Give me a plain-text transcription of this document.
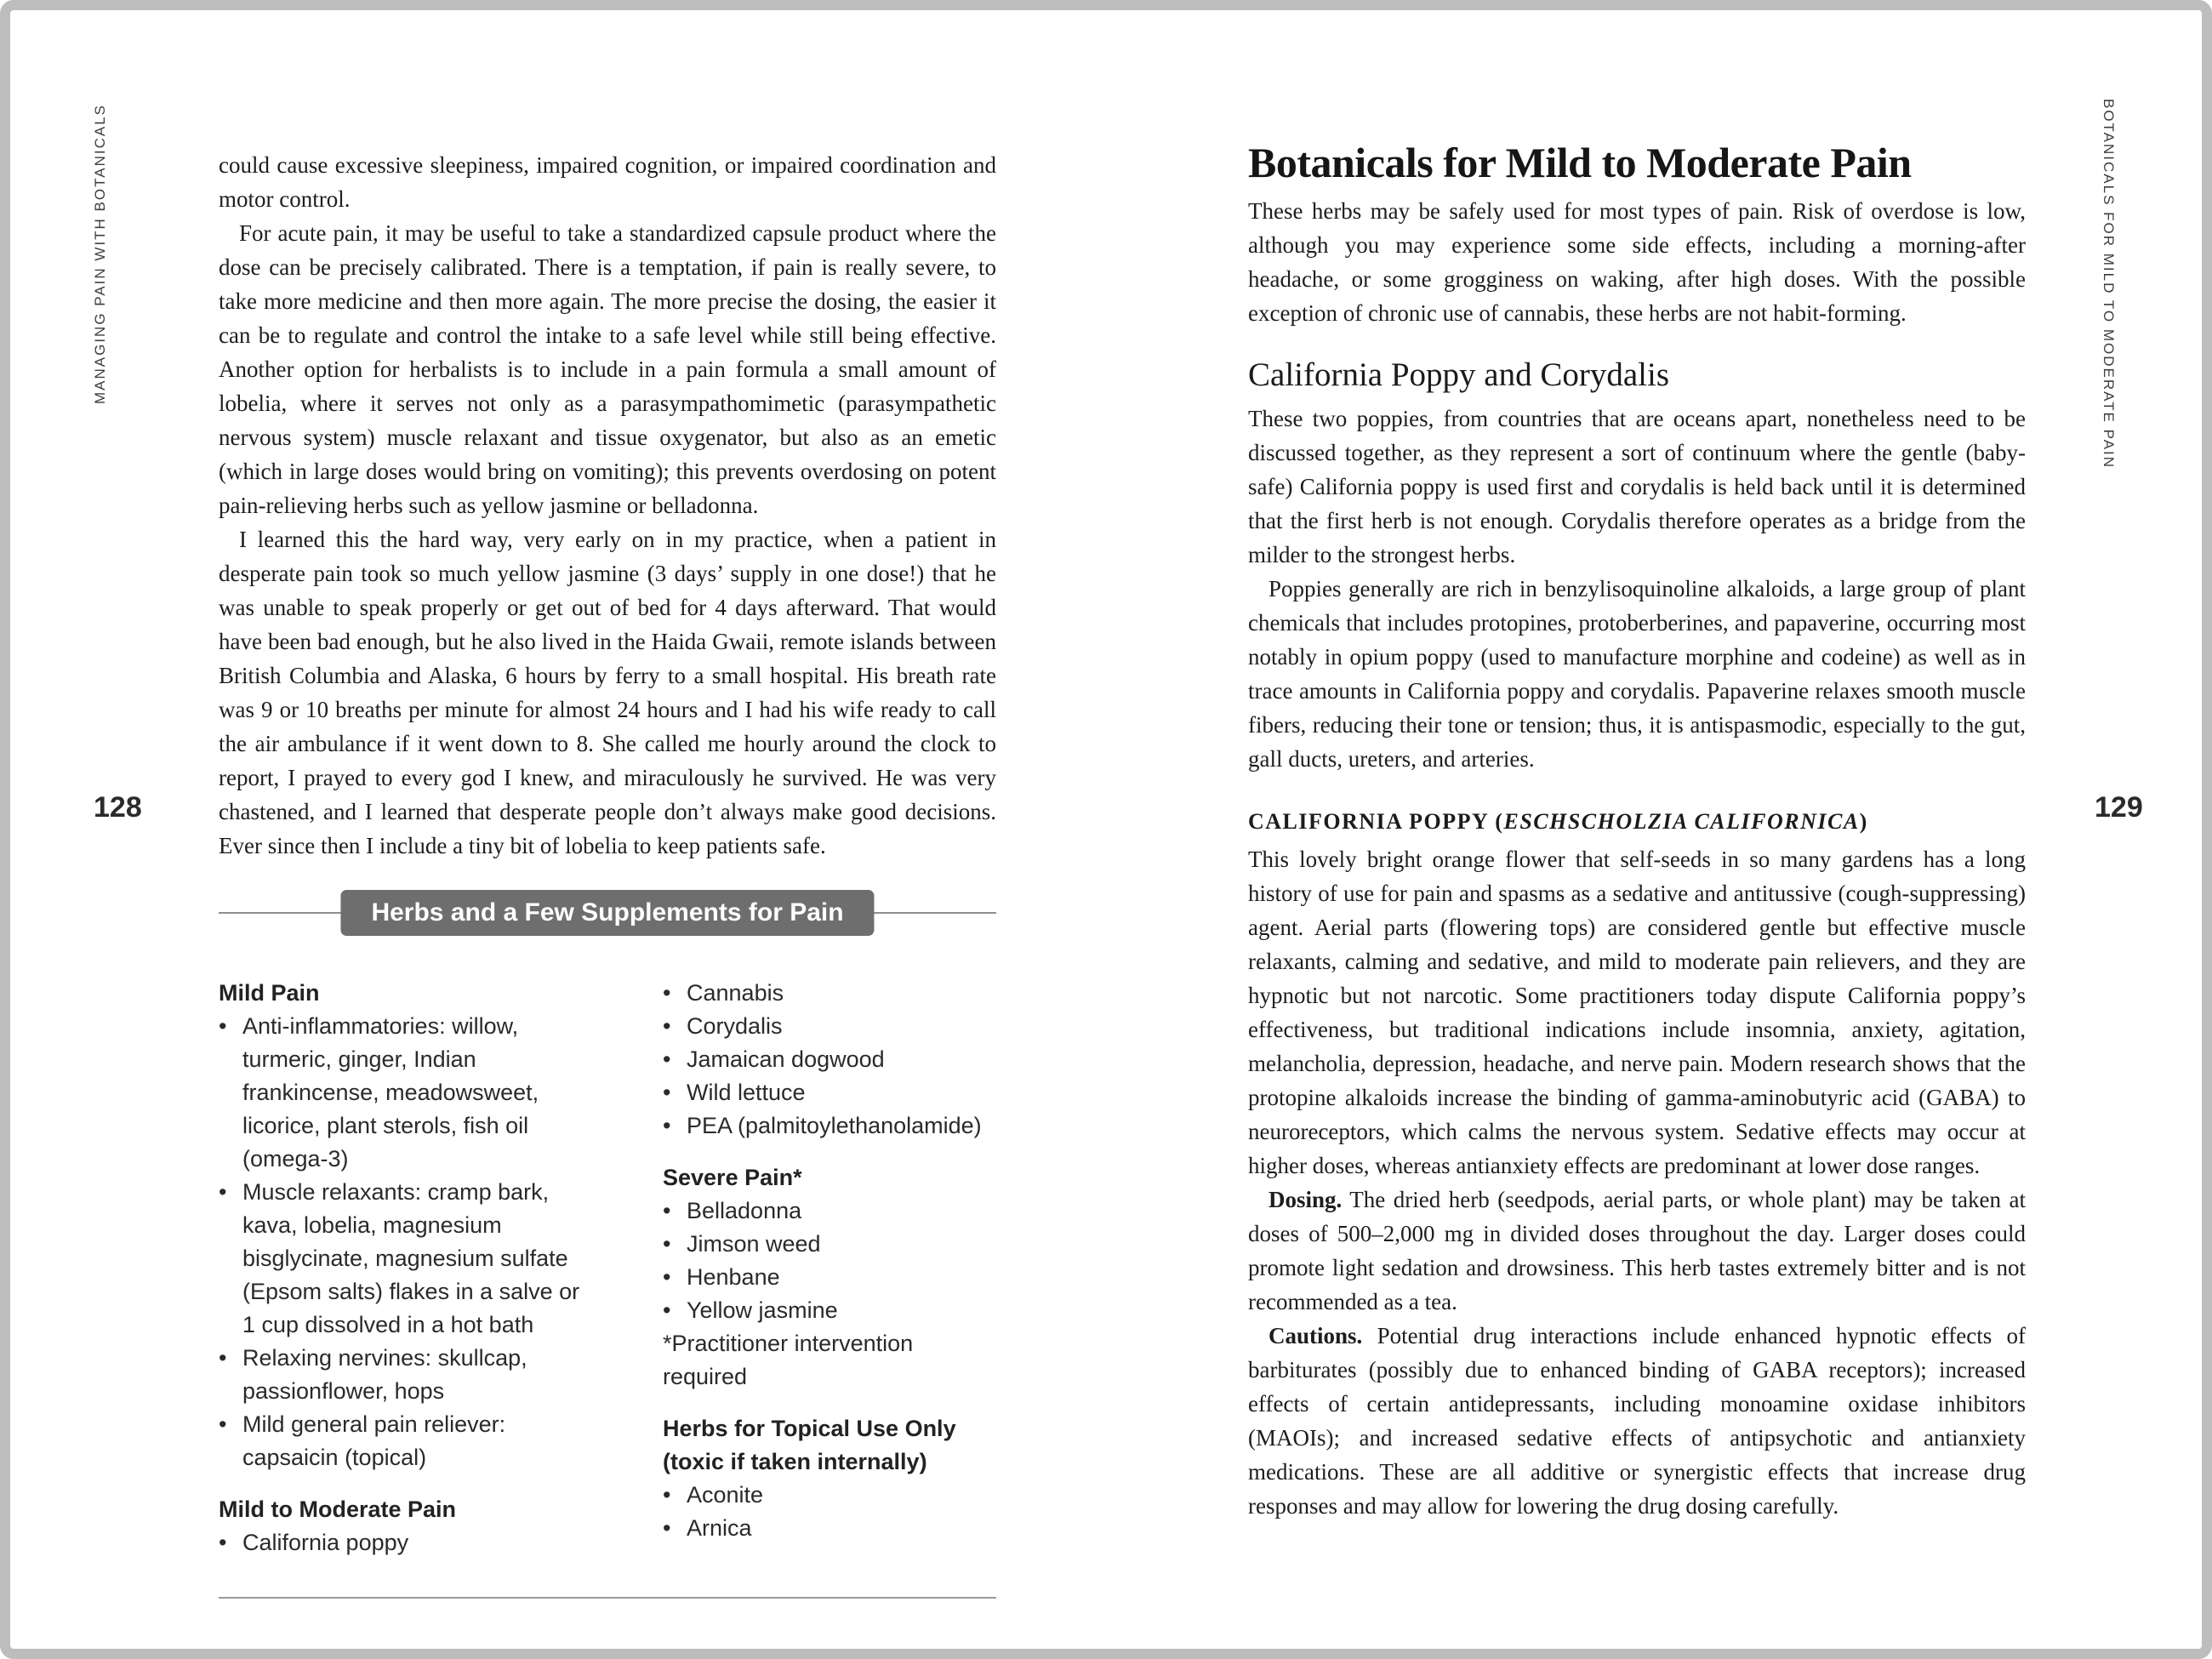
MANAGING PAIN WITH BOTANICALS	BOTANICALS FOR MILD TO MODERATE PAIN
128	129

could cause excessive sleepiness, impaired cognition, or impaired coordination and motor control.

For acute pain, it may be useful to take a standardized capsule product where the dose can be precisely calibrated. There is a temptation, if pain is really severe, to take more medicine and then more again. The more precise the dosing, the easier it can be to regulate and control the intake to a safe level while still being effective. Another option for herbalists is to include in a pain formula a small amount of lobelia, where it serves not only as a parasympathomimetic (parasympathetic nervous system) muscle relaxant and tissue oxygenator, but also as an emetic (which in large doses would bring on vomiting); this prevents overdosing on potent pain-relieving herbs such as yellow jasmine or belladonna.

I learned this the hard way, very early on in my practice, when a patient in desperate pain took so much yellow jasmine (3 days’ supply in one dose!) that he was unable to speak properly or get out of bed for 4 days afterward. That would have been bad enough, but he also lived in the Haida Gwaii, remote islands between British Columbia and Alaska, 6 hours by ferry to a small hospital. His breath rate was 9 or 10 breaths per minute for almost 24 hours and I had his wife ready to call the air ambulance if it went down to 8. She called me hourly around the clock to report, I prayed to every god I knew, and miraculously he survived. He was very chastened, and I learned that desperate people don’t always make good decisions. Ever since then I include a tiny bit of lobelia to keep patients safe.

Herbs and a Few Supplements for Pain
Mild Pain
•
Anti-inflammatories: willow, turmeric, ginger, Indian frankincense, meadowsweet, licorice, plant sterols, fish oil (omega-3)
•
Muscle relaxants: cramp bark, kava, lobelia, magnesium bisglycinate, magnesium sulfate (Epsom salts) flakes in a salve or 1 cup dissolved in a hot bath
•
Relaxing nervines: skullcap, passionflower, hops
•
Mild general pain reliever: capsaicin (topical)
Mild to Moderate Pain
•
California poppy
•
Cannabis
•
Corydalis
•
Jamaican dogwood
•
Wild lettuce
•
PEA (palmitoylethanolamide)
Severe Pain*
•
Belladonna
•
Jimson weed
•
Henbane
•
Yellow jasmine
*Practitioner intervention required
Herbs for Topical Use Only
(toxic if taken internally)
•
Aconite
•
Arnica
Botanicals for Mild to Moderate Pain

These herbs may be safely used for most types of pain. Risk of overdose is low, although you may experience some side effects, including a morning-after headache, or some grogginess on waking, after high doses. With the possible exception of chronic use of cannabis, these herbs are not habit-forming.

California Poppy and Corydalis

These two poppies, from countries that are oceans apart, nonetheless need to be discussed together, as they represent a sort of continuum where the gentle (baby-safe) California poppy is used first and corydalis is held back until it is determined that the first herb is not enough. Corydalis therefore operates as a bridge from the milder to the strongest herbs.

Poppies generally are rich in benzylisoquinoline alkaloids, a large group of plant chemicals that includes protopines, protoberberines, and papaverine, occurring most notably in opium poppy (used to manufacture morphine and codeine) as well as in trace amounts in California poppy and corydalis. Papaverine relaxes smooth muscle fibers, reducing their tone or tension; thus, it is antispasmodic, especially to the gut, gall ducts, ureters, and arteries.

CALIFORNIA POPPY (ESCHSCHOLZIA CALIFORNICA)

This lovely bright orange flower that self-seeds in so many gardens has a long history of use for pain and spasms as a sedative and antitussive (cough-suppressing) agent. Aerial parts (flowering tops) are considered gentle but effective muscle relaxants, calming and sedative, and mild to moderate pain relievers, and they are hypnotic but not narcotic. Some practitioners today dispute California poppy’s effectiveness, but traditional indications include insomnia, anxiety, agitation, melancholia, depression, headache, and nerve pain. Modern research shows that the protopine alkaloids increase the binding of gamma-aminobutyric acid (GABA) to neuroreceptors, which calms the nervous system. Sedative effects may occur at higher doses, whereas antianxiety effects are predominant at lower dose ranges.

Dosing. The dried herb (seedpods, aerial parts, or whole plant) may be taken at doses of 500–2,000 mg in divided doses throughout the day. Larger doses could promote light sedation and drowsiness. This herb tastes extremely bitter and is not recommended as a tea.

Cautions. Potential drug interactions include enhanced hypnotic effects of barbiturates (possibly due to enhanced binding of GABA receptors); increased effects of certain antidepressants, including monoamine oxidase inhibitors (MAOIs); and increased sedative effects of antipsychotic and antianxiety medications. These are all additive or synergistic effects that increase drug responses and may allow for lowering the drug dosing carefully.
